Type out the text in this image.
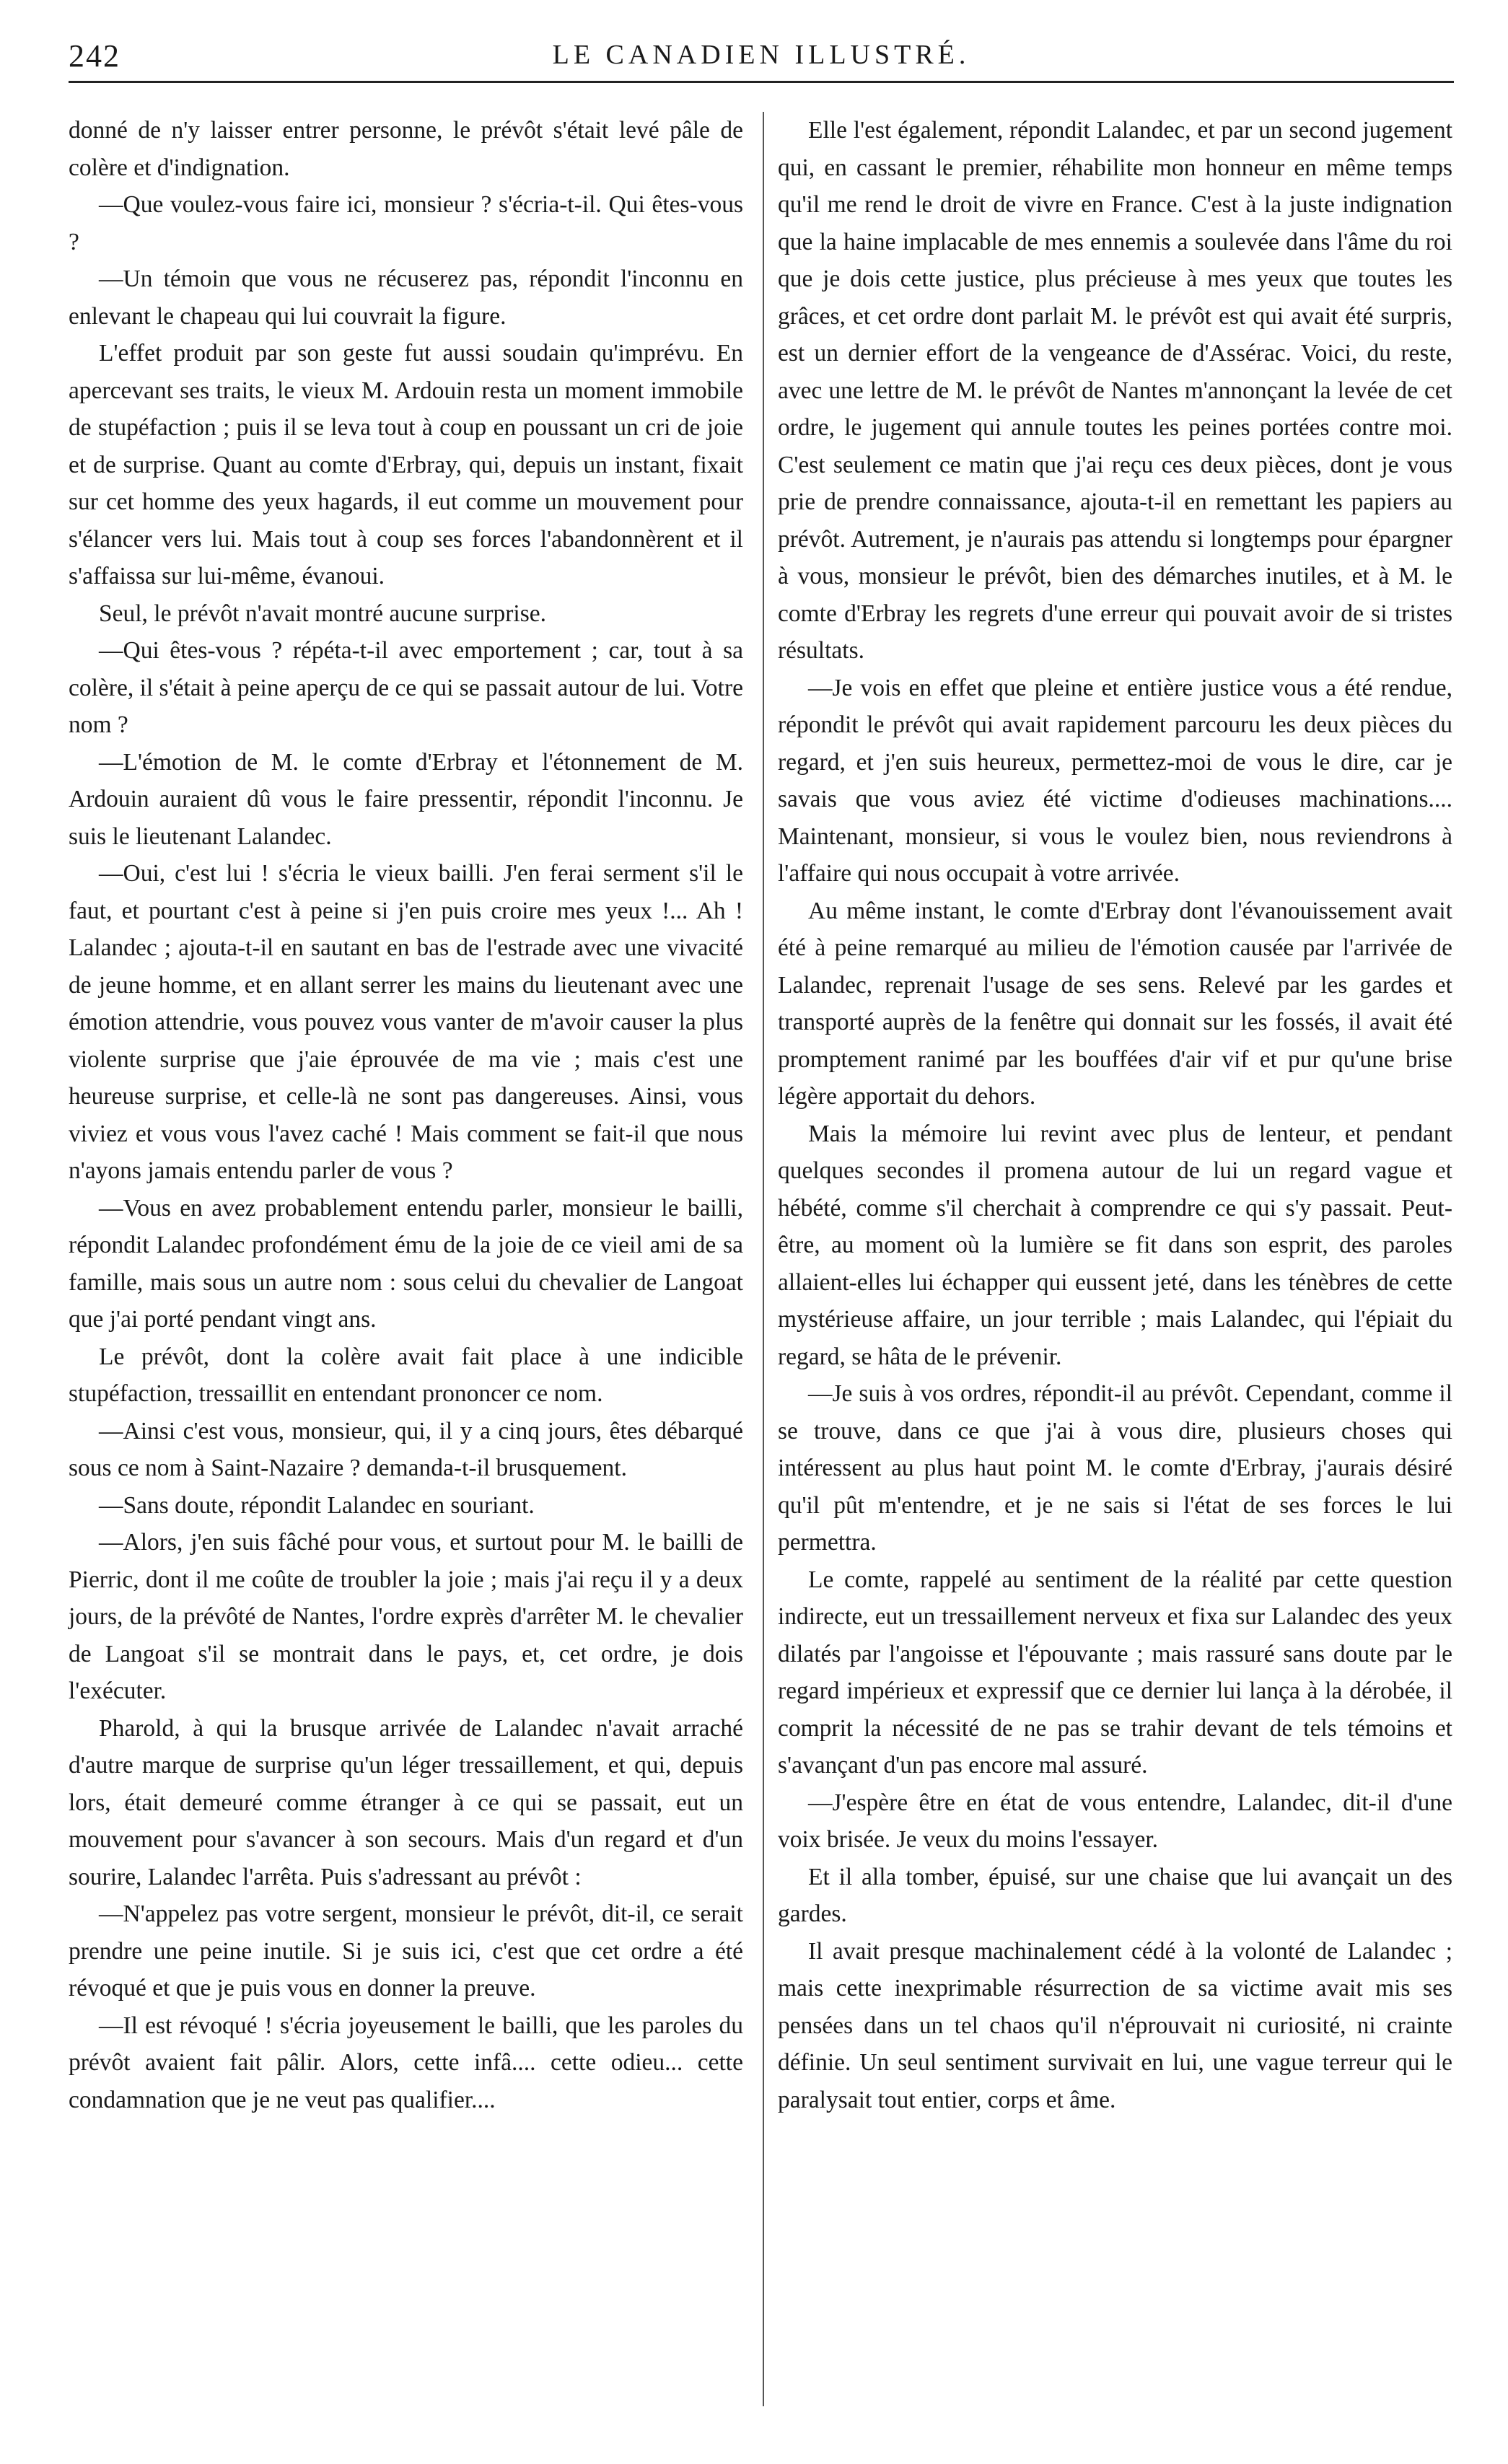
242	LE CANADIEN ILLUSTRÉ.

donné de n'y laisser entrer personne, le prévôt s'était levé pâle de colère et d'indignation.

—Que voulez-vous faire ici, monsieur ? s'écria-t-il. Qui êtes-vous ?

—Un témoin que vous ne récuserez pas, répondit l'inconnu en enlevant le chapeau qui lui couvrait la figure.

L'effet produit par son geste fut aussi soudain qu'imprévu. En apercevant ses traits, le vieux M. Ardouin resta un moment immobile de stupéfaction ; puis il se leva tout à coup en poussant un cri de joie et de surprise. Quant au comte d'Erbray, qui, depuis un instant, fixait sur cet homme des yeux hagards, il eut comme un mouvement pour s'élancer vers lui. Mais tout à coup ses forces l'abandonnèrent et il s'affaissa sur lui-même, évanoui.

Seul, le prévôt n'avait montré aucune surprise.

—Qui êtes-vous ? répéta-t-il avec emportement ; car, tout à sa colère, il s'était à peine aperçu de ce qui se passait autour de lui. Votre nom ?

—L'émotion de M. le comte d'Erbray et l'étonnement de M. Ardouin auraient dû vous le faire pressentir, répondit l'inconnu. Je suis le lieutenant Lalandec.

—Oui, c'est lui ! s'écria le vieux bailli. J'en ferai serment s'il le faut, et pourtant c'est à peine si j'en puis croire mes yeux !... Ah ! Lalandec ; ajouta-t-il en sautant en bas de l'estrade avec une vivacité de jeune homme, et en allant serrer les mains du lieutenant avec une émotion attendrie, vous pouvez vous vanter de m'avoir causer la plus violente surprise que j'aie éprouvée de ma vie ; mais c'est une heureuse surprise, et celle-là ne sont pas dangereuses. Ainsi, vous viviez et vous vous l'avez caché ! Mais comment se fait-il que nous n'ayons jamais entendu parler de vous ?

—Vous en avez probablement entendu parler, monsieur le bailli, répondit Lalandec profondément ému de la joie de ce vieil ami de sa famille, mais sous un autre nom : sous celui du chevalier de Langoat que j'ai porté pendant vingt ans.

Le prévôt, dont la colère avait fait place à une indicible stupéfaction, tressaillit en entendant prononcer ce nom.

—Ainsi c'est vous, monsieur, qui, il y a cinq jours, êtes débarqué sous ce nom à Saint-Nazaire ? demanda-t-il brusquement.

—Sans doute, répondit Lalandec en souriant.

—Alors, j'en suis fâché pour vous, et surtout pour M. le bailli de Pierric, dont il me coûte de troubler la joie ; mais j'ai reçu il y a deux jours, de la prévôté de Nantes, l'ordre exprès d'arrêter M. le chevalier de Langoat s'il se montrait dans le pays, et, cet ordre, je dois l'exécuter.

Pharold, à qui la brusque arrivée de Lalandec n'avait arraché d'autre marque de surprise qu'un léger tressaillement, et qui, depuis lors, était demeuré comme étranger à ce qui se passait, eut un mouvement pour s'avancer à son secours. Mais d'un regard et d'un sourire, Lalandec l'arrêta. Puis s'adressant au prévôt :

—N'appelez pas votre sergent, monsieur le prévôt, dit-il, ce serait prendre une peine inutile. Si je suis ici, c'est que cet ordre a été révoqué et que je puis vous en donner la preuve.

—Il est révoqué ! s'écria joyeusement le bailli, que les paroles du prévôt avaient fait pâlir. Alors, cette infâ.... cette odieu... cette condamnation que je ne veut pas qualifier....

Elle l'est également, répondit Lalandec, et par un second jugement qui, en cassant le premier, réhabilite mon honneur en même temps qu'il me rend le droit de vivre en France. C'est à la juste indignation que la haine implacable de mes ennemis a soulevée dans l'âme du roi que je dois cette justice, plus précieuse à mes yeux que toutes les grâces, et cet ordre dont parlait M. le prévôt est qui avait été surpris, est un dernier effort de la vengeance de d'Assérac. Voici, du reste, avec une lettre de M. le prévôt de Nantes m'annonçant la levée de cet ordre, le jugement qui annule toutes les peines portées contre moi. C'est seulement ce matin que j'ai reçu ces deux pièces, dont je vous prie de prendre connaissance, ajouta-t-il en remettant les papiers au prévôt. Autrement, je n'aurais pas attendu si longtemps pour épargner à vous, monsieur le prévôt, bien des démarches inutiles, et à M. le comte d'Erbray les regrets d'une erreur qui pouvait avoir de si tristes résultats.

—Je vois en effet que pleine et entière justice vous a été rendue, répondit le prévôt qui avait rapidement parcouru les deux pièces du regard, et j'en suis heureux, permettez-moi de vous le dire, car je savais que vous aviez été victime d'odieuses machinations.... Maintenant, monsieur, si vous le voulez bien, nous reviendrons à l'affaire qui nous occupait à votre arrivée.

Au même instant, le comte d'Erbray dont l'évanouissement avait été à peine remarqué au milieu de l'émotion causée par l'arrivée de Lalandec, reprenait l'usage de ses sens. Relevé par les gardes et transporté auprès de la fenêtre qui donnait sur les fossés, il avait été promptement ranimé par les bouffées d'air vif et pur qu'une brise légère apportait du dehors.

Mais la mémoire lui revint avec plus de lenteur, et pendant quelques secondes il promena autour de lui un regard vague et hébété, comme s'il cherchait à comprendre ce qui s'y passait. Peut-être, au moment où la lumière se fit dans son esprit, des paroles allaient-elles lui échapper qui eussent jeté, dans les ténèbres de cette mystérieuse affaire, un jour terrible ; mais Lalandec, qui l'épiait du regard, se hâta de le prévenir.

—Je suis à vos ordres, répondit-il au prévôt. Cependant, comme il se trouve, dans ce que j'ai à vous dire, plusieurs choses qui intéressent au plus haut point M. le comte d'Erbray, j'aurais désiré qu'il pût m'entendre, et je ne sais si l'état de ses forces le lui permettra.

Le comte, rappelé au sentiment de la réalité par cette question indirecte, eut un tressaillement nerveux et fixa sur Lalandec des yeux dilatés par l'angoisse et l'épouvante ; mais rassuré sans doute par le regard impérieux et expressif que ce dernier lui lança à la dérobée, il comprit la nécessité de ne pas se trahir devant de tels témoins et s'avançant d'un pas encore mal assuré.

—J'espère être en état de vous entendre, Lalandec, dit-il d'une voix brisée. Je veux du moins l'essayer.

Et il alla tomber, épuisé, sur une chaise que lui avançait un des gardes.

Il avait presque machinalement cédé à la volonté de Lalandec ; mais cette inexprimable résurrection de sa victime avait mis ses pensées dans un tel chaos qu'il n'éprouvait ni curiosité, ni crainte définie. Un seul sentiment survivait en lui, une vague terreur qui le paralysait tout entier, corps et âme.
